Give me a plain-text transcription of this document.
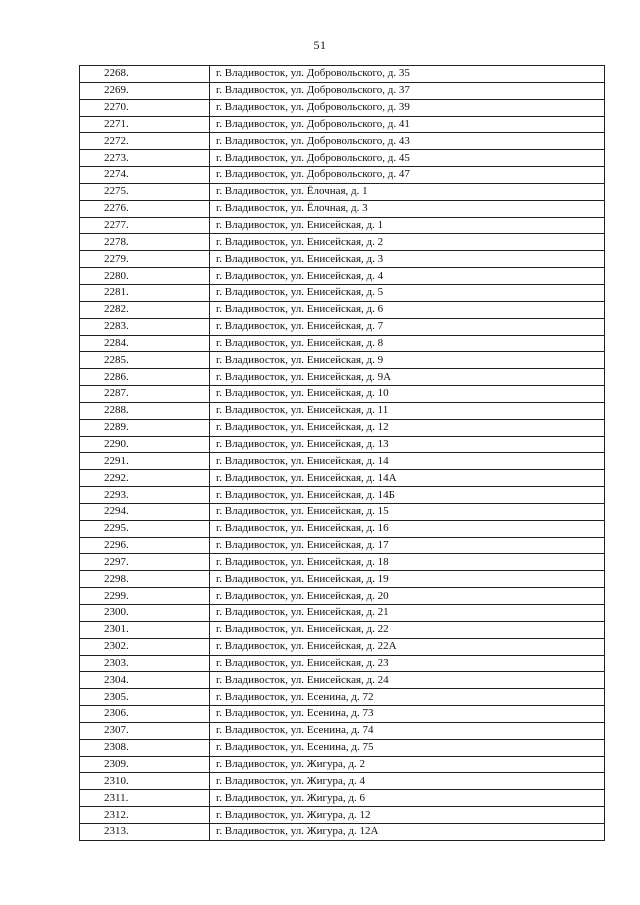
51
2268.	г. Владивосток, ул. Добровольского, д. 35
2269.	г. Владивосток, ул. Добровольского, д. 37
2270.	г. Владивосток, ул. Добровольского, д. 39
2271.	г. Владивосток, ул. Добровольского, д. 41
2272.	г. Владивосток, ул. Добровольского, д. 43
2273.	г. Владивосток, ул. Добровольского, д. 45
2274.	г. Владивосток, ул. Добровольского, д. 47
2275.	г. Владивосток, ул. Ёлочная, д. 1
2276.	г. Владивосток, ул. Ёлочная, д. 3
2277.	г. Владивосток, ул. Енисейская, д. 1
2278.	г. Владивосток, ул. Енисейская, д. 2
2279.	г. Владивосток, ул. Енисейская, д. 3
2280.	г. Владивосток, ул. Енисейская, д. 4
2281.	г. Владивосток, ул. Енисейская, д. 5
2282.	г. Владивосток, ул. Енисейская, д. 6
2283.	г. Владивосток, ул. Енисейская, д. 7
2284.	г. Владивосток, ул. Енисейская, д. 8
2285.	г. Владивосток, ул. Енисейская, д. 9
2286.	г. Владивосток, ул. Енисейская, д. 9А
2287.	г. Владивосток, ул. Енисейская, д. 10
2288.	г. Владивосток, ул. Енисейская, д. 11
2289.	г. Владивосток, ул. Енисейская, д. 12
2290.	г. Владивосток, ул. Енисейская, д. 13
2291.	г. Владивосток, ул. Енисейская, д. 14
2292.	г. Владивосток, ул. Енисейская, д. 14А
2293.	г. Владивосток, ул. Енисейская, д. 14Б
2294.	г. Владивосток, ул. Енисейская, д. 15
2295.	г. Владивосток, ул. Енисейская, д. 16
2296.	г. Владивосток, ул. Енисейская, д. 17
2297.	г. Владивосток, ул. Енисейская, д. 18
2298.	г. Владивосток, ул. Енисейская, д. 19
2299.	г. Владивосток, ул. Енисейская, д. 20
2300.	г. Владивосток, ул. Енисейская, д. 21
2301.	г. Владивосток, ул. Енисейская, д. 22
2302.	г. Владивосток, ул. Енисейская, д. 22А
2303.	г. Владивосток, ул. Енисейская, д. 23
2304.	г. Владивосток, ул. Енисейская, д. 24
2305.	г. Владивосток, ул. Есенина, д. 72
2306.	г. Владивосток, ул. Есенина, д. 73
2307.	г. Владивосток, ул. Есенина, д. 74
2308.	г. Владивосток, ул. Есенина, д. 75
2309.	г. Владивосток, ул. Жигура, д. 2
2310.	г. Владивосток, ул. Жигура, д. 4
2311.	г. Владивосток, ул. Жигура, д. 6
2312.	г. Владивосток, ул. Жигура, д. 12
2313.	г. Владивосток, ул. Жигура, д. 12А
